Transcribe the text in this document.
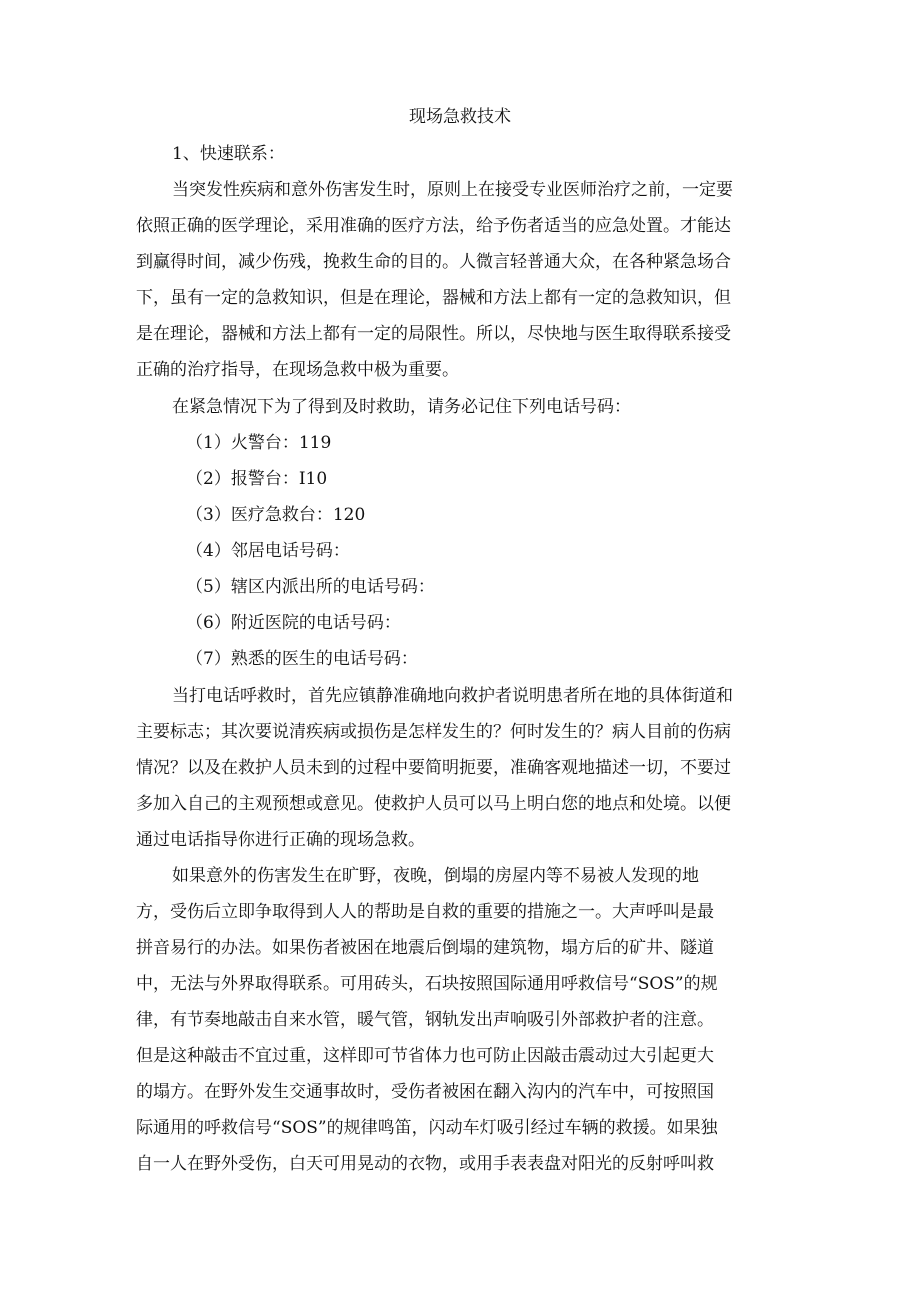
现场急救技术

1、快速联系：

当突发性疾病和意外伤害发生时，原则上在接受专业医师治疗之前，一定要

依照正确的医学理论，采用准确的医疗方法，给予伤者适当的应急处置。才能达

到赢得时间，减少伤残，挽救生命的目的。人微言轻普通大众，在各种紧急场合

下，虽有一定的急救知识，但是在理论，器械和方法上都有一定的急救知识，但

是在理论，器械和方法上都有一定的局限性。所以，尽快地与医生取得联系接受

正确的治疗指导，在现场急救中极为重要。

在紧急情况下为了得到及时救助，请务必记住下列电话号码：

（1）火警台：119

（2）报警台：I10

（3）医疗急救台：120

（4）邻居电话号码：

（5）辖区内派出所的电话号码：

（6）附近医院的电话号码：

（7）熟悉的医生的电话号码：

当打电话呼救时，首先应镇静准确地向救护者说明患者所在地的具体街道和

主要标志；其次要说清疾病或损伤是怎样发生的？何时发生的？病人目前的伤病

情况？以及在救护人员未到的过程中要简明扼要，准确客观地描述一切，不要过

多加入自己的主观预想或意见。使救护人员可以马上明白您的地点和处境。以便

通过电话指导你进行正确的现场急救。

如果意外的伤害发生在旷野，夜晚，倒塌的房屋内等不易被人发现的地

方，受伤后立即争取得到人人的帮助是自救的重要的措施之一。大声呼叫是最

拼音易行的办法。如果伤者被困在地震后倒塌的建筑物，塌方后的矿井、隧道

中，无法与外界取得联系。可用砖头，石块按照国际通用呼救信号“SOS”的规

律，有节奏地敲击自来水管，暖气管，钢轨发出声响吸引外部救护者的注意。

但是这种敲击不宜过重，这样即可节省体力也可防止因敲击震动过大引起更大

的塌方。在野外发生交通事故时，受伤者被困在翻入沟内的汽车中，可按照国

际通用的呼救信号“SOS”的规律鸣笛，闪动车灯吸引经过车辆的救援。如果独

自一人在野外受伤，白天可用晃动的衣物，或用手表表盘对阳光的反射呼叫救
